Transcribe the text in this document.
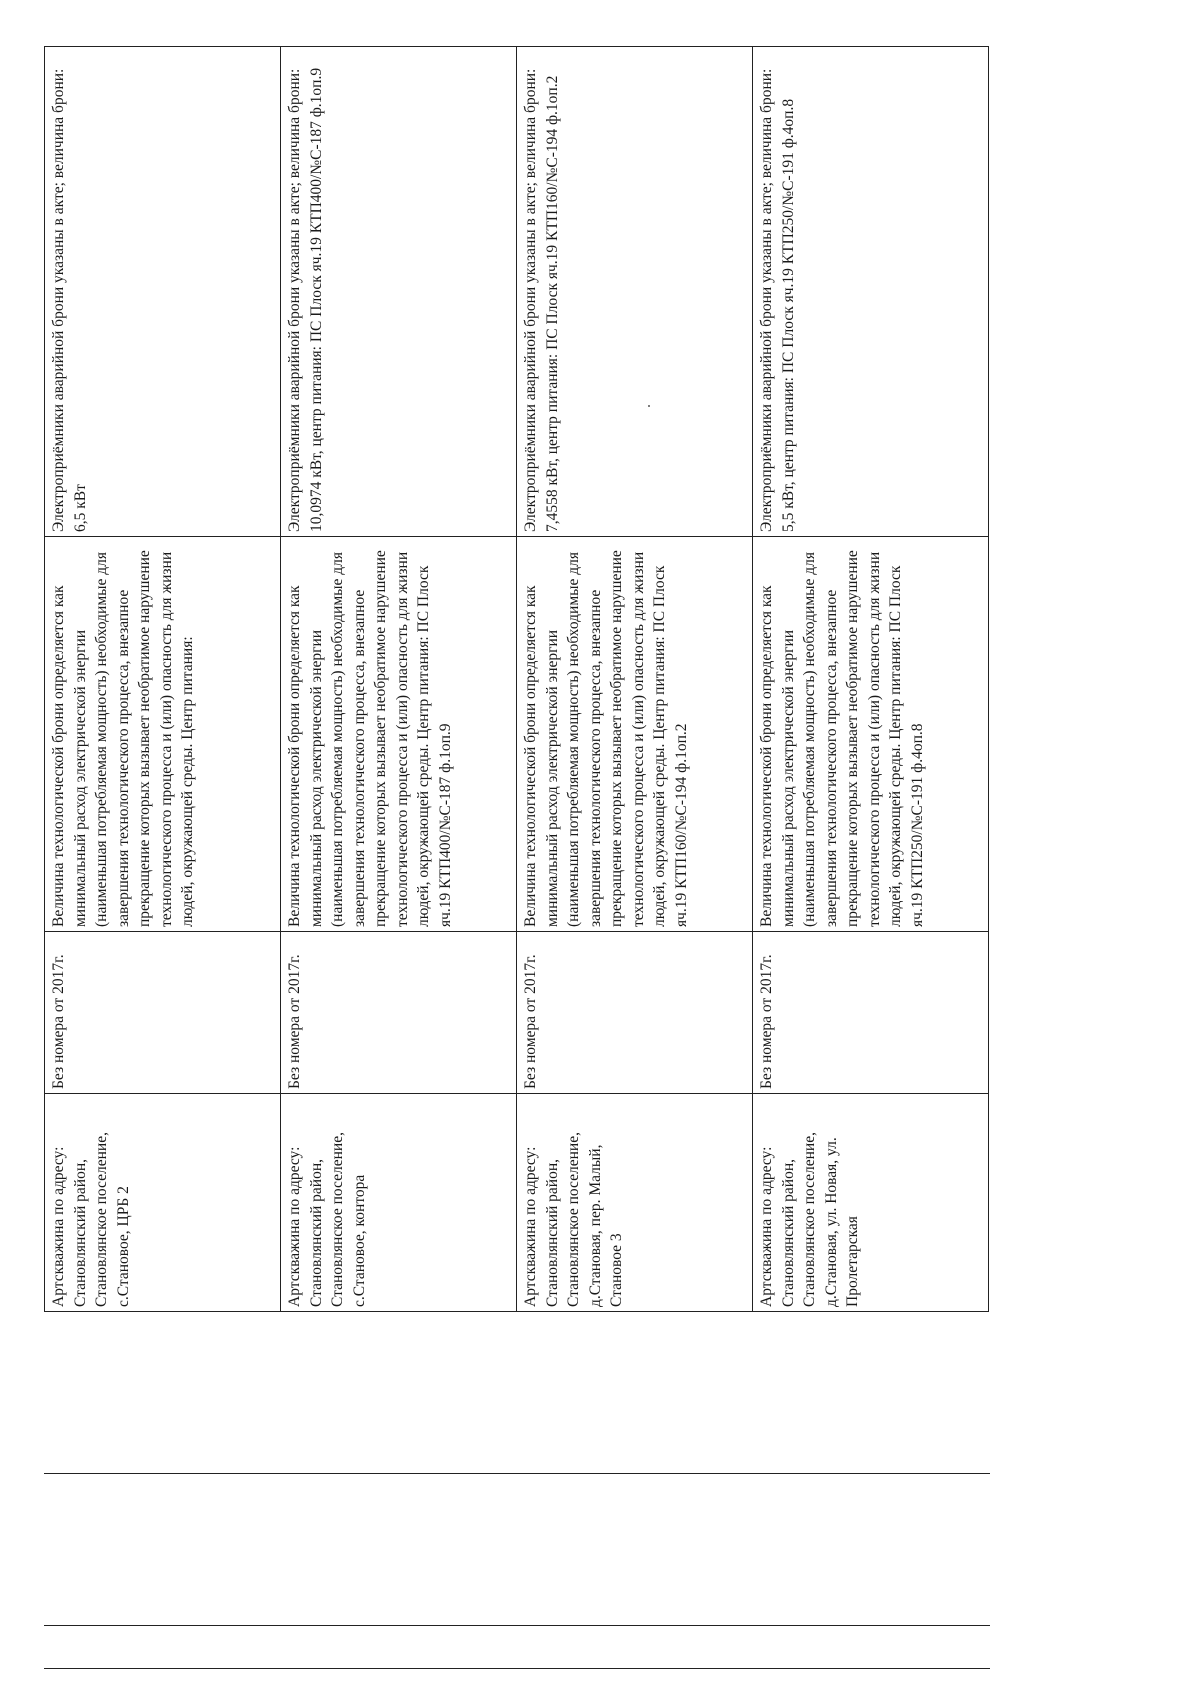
Артскважина по адресу: Становлянский район, Становлянское поселение, с.Становое, ЦРБ 2	Без номера от 2017г.	Величина технологической брони определяется как минимальный расход электрической энергии (наименьшая потребляемая мощность) необходимые для завершения технологического процесса, внезапное прекращение которых вызывает необратимое нарушение технологического процесса и (или) опасность для жизни людей, окружающей среды. Центр питания:	Электроприёмники аварийной брони указаны в акте; величина брони: 6,5 кВт
Артскважина по адресу: Становлянский район, Становлянское поселение, с.Становое, контора	Без номера от 2017г.	Величина технологической брони определяется как минимальный расход электрической энергии (наименьшая потребляемая мощность) необходимые для завершения технологического процесса, внезапное прекращение которых вызывает необратимое нарушение технологического процесса и (или) опасность для жизни людей, окружающей среды. Центр питания: ПС Плоск яч.19 КТП400/№С-187 ф.1оп.9	Электроприёмники аварийной брони указаны в акте; величина брони: 10,0974 кВт, центр питания: ПС Плоск яч.19 КТП400/№С-187 ф.1оп.9
Артскважина по адресу: Становлянский район, Становлянское поселение, д.Становая, пер. Малый, Становое 3	Без номера от 2017г.	Величина технологической брони определяется как минимальный расход электрической энергии (наименьшая потребляемая мощность) необходимые для завершения технологического процесса, внезапное прекращение которых вызывает необратимое нарушение технологического процесса и (или) опасность для жизни людей, окружающей среды. Центр питания: ПС Плоск яч.19 КТП160/№С-194 ф.1оп.2	Электроприёмники аварийной брони указаны в акте; величина брони: 7,4558 кВт, центр питания: ПС Плоск яч.19 КТП160/№С-194 ф.1оп.2
Артскважина по адресу: Становлянский район, Становлянское поселение, д.Становая, ул. Новая, ул. Пролетарская	Без номера от 2017г.	Величина технологической брони определяется как минимальный расход электрической энергии (наименьшая потребляемая мощность) необходимые для завершения технологического процесса, внезапное прекращение которых вызывает необратимое нарушение технологического процесса и (или) опасность для жизни людей, окружающей среды. Центр питания: ПС Плоск яч.19 КТП250/№С-191 ф.4оп.8	Электроприёмники аварийной брони указаны в акте; величина брони: 5,5 кВт, центр питания: ПС Плоск яч.19 КТП250/№С-191 ф.4оп.8
